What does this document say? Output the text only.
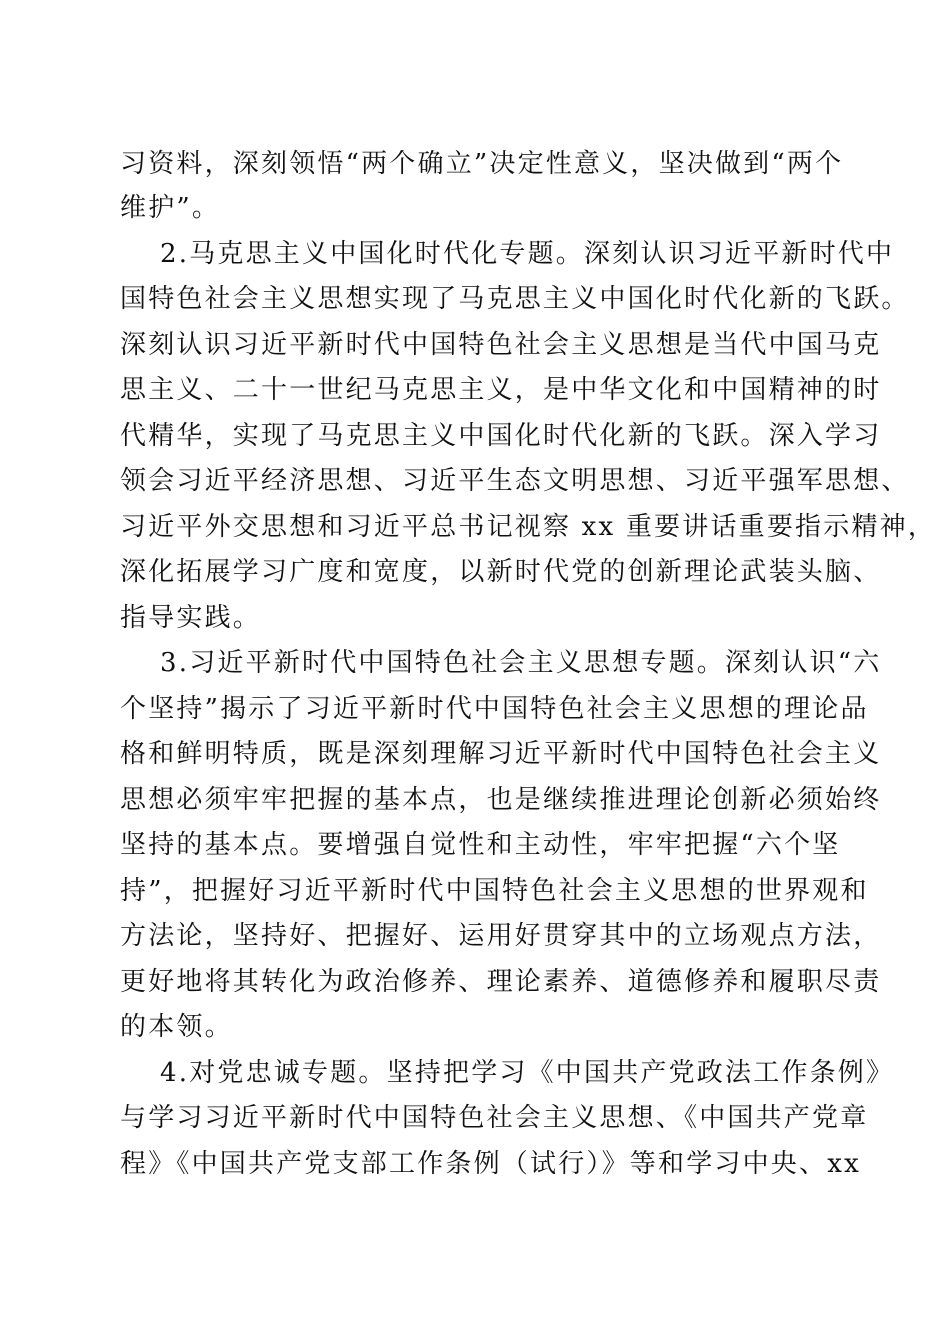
习资料，深刻领悟“两个确立”决定性意义，坚决做到“两个
维护”。
2.马克思主义中国化时代化专题。深刻认识习近平新时代中
国特色社会主义思想实现了马克思主义中国化时代化新的飞跃。
深刻认识习近平新时代中国特色社会主义思想是当代中国马克
思主义、二十一世纪马克思主义，是中华文化和中国精神的时
代精华，实现了马克思主义中国化时代化新的飞跃。深入学习
领会习近平经济思想、习近平生态文明思想、习近平强军思想、
习近平外交思想和习近平总书记视察 xx 重要讲话重要指示精神，
深化拓展学习广度和宽度，以新时代党的创新理论武装头脑、
指导实践。
3.习近平新时代中国特色社会主义思想专题。深刻认识“六
个坚持”揭示了习近平新时代中国特色社会主义思想的理论品
格和鲜明特质，既是深刻理解习近平新时代中国特色社会主义
思想必须牢牢把握的基本点，也是继续推进理论创新必须始终
坚持的基本点。要增强自觉性和主动性，牢牢把握“六个坚
持”，把握好习近平新时代中国特色社会主义思想的世界观和
方法论，坚持好、把握好、运用好贯穿其中的立场观点方法，
更好地将其转化为政治修养、理论素养、道德修养和履职尽责
的本领。
4.对党忠诚专题。坚持把学习《中国共产党政法工作条例》
与学习习近平新时代中国特色社会主义思想、《中国共产党章
程》《中国共产党支部工作条例（试行）》等和学习中央、xx
